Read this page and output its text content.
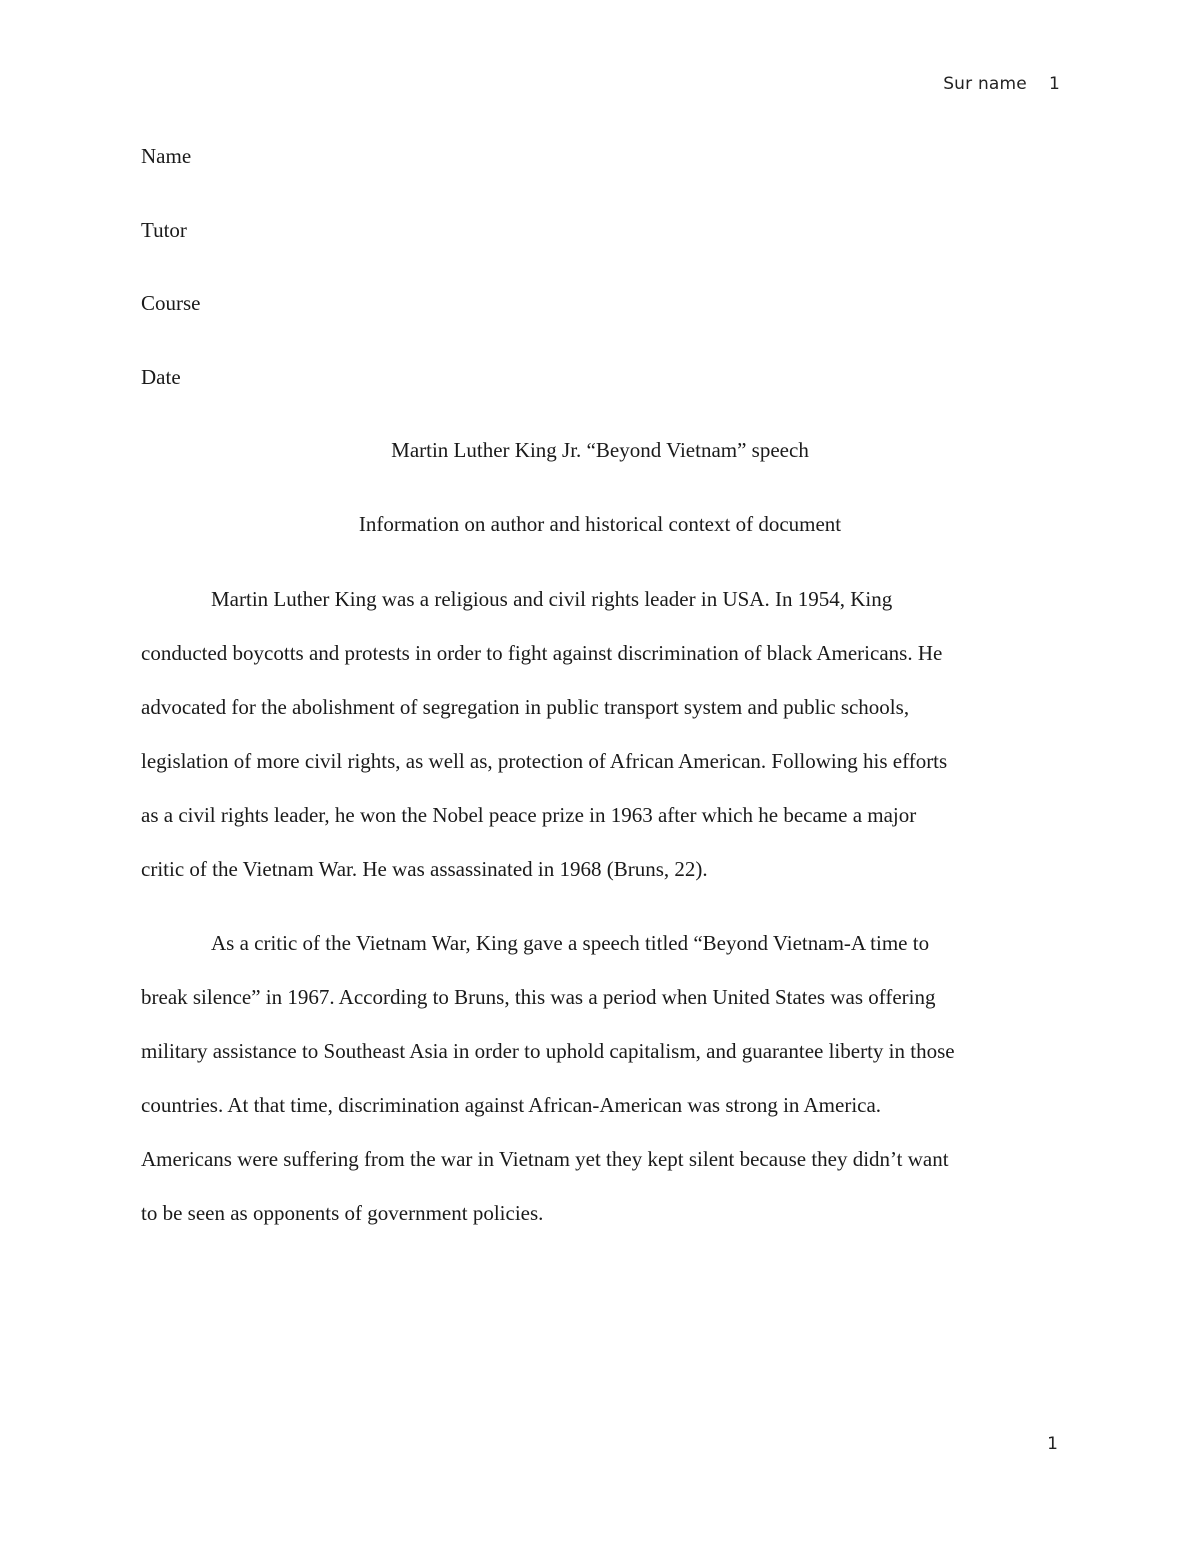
Sur name 1
Name
Tutor
Course
Date
Martin Luther King Jr. “Beyond Vietnam” speech
Information on author and historical context of document
Martin Luther King was a religious and civil rights leader in USA. In 1954, King
conducted boycotts and protests in order to fight against discrimination of black Americans. He
advocated for the abolishment of segregation in public transport system and public schools,
legislation of more civil rights, as well as, protection of African American. Following his efforts
as a civil rights leader, he won the Nobel peace prize in 1963 after which he became a major
critic of the Vietnam War. He was assassinated in 1968 (Bruns, 22).
As a critic of the Vietnam War, King gave a speech titled “Beyond Vietnam-A time to
break silence” in 1967. According to Bruns, this was a period when United States was offering
military assistance to Southeast Asia in order to uphold capitalism, and guarantee liberty in those
countries. At that time, discrimination against African-American was strong in America.
Americans were suffering from the war in Vietnam yet they kept silent because they didn’t want
to be seen as opponents of government policies.
1
